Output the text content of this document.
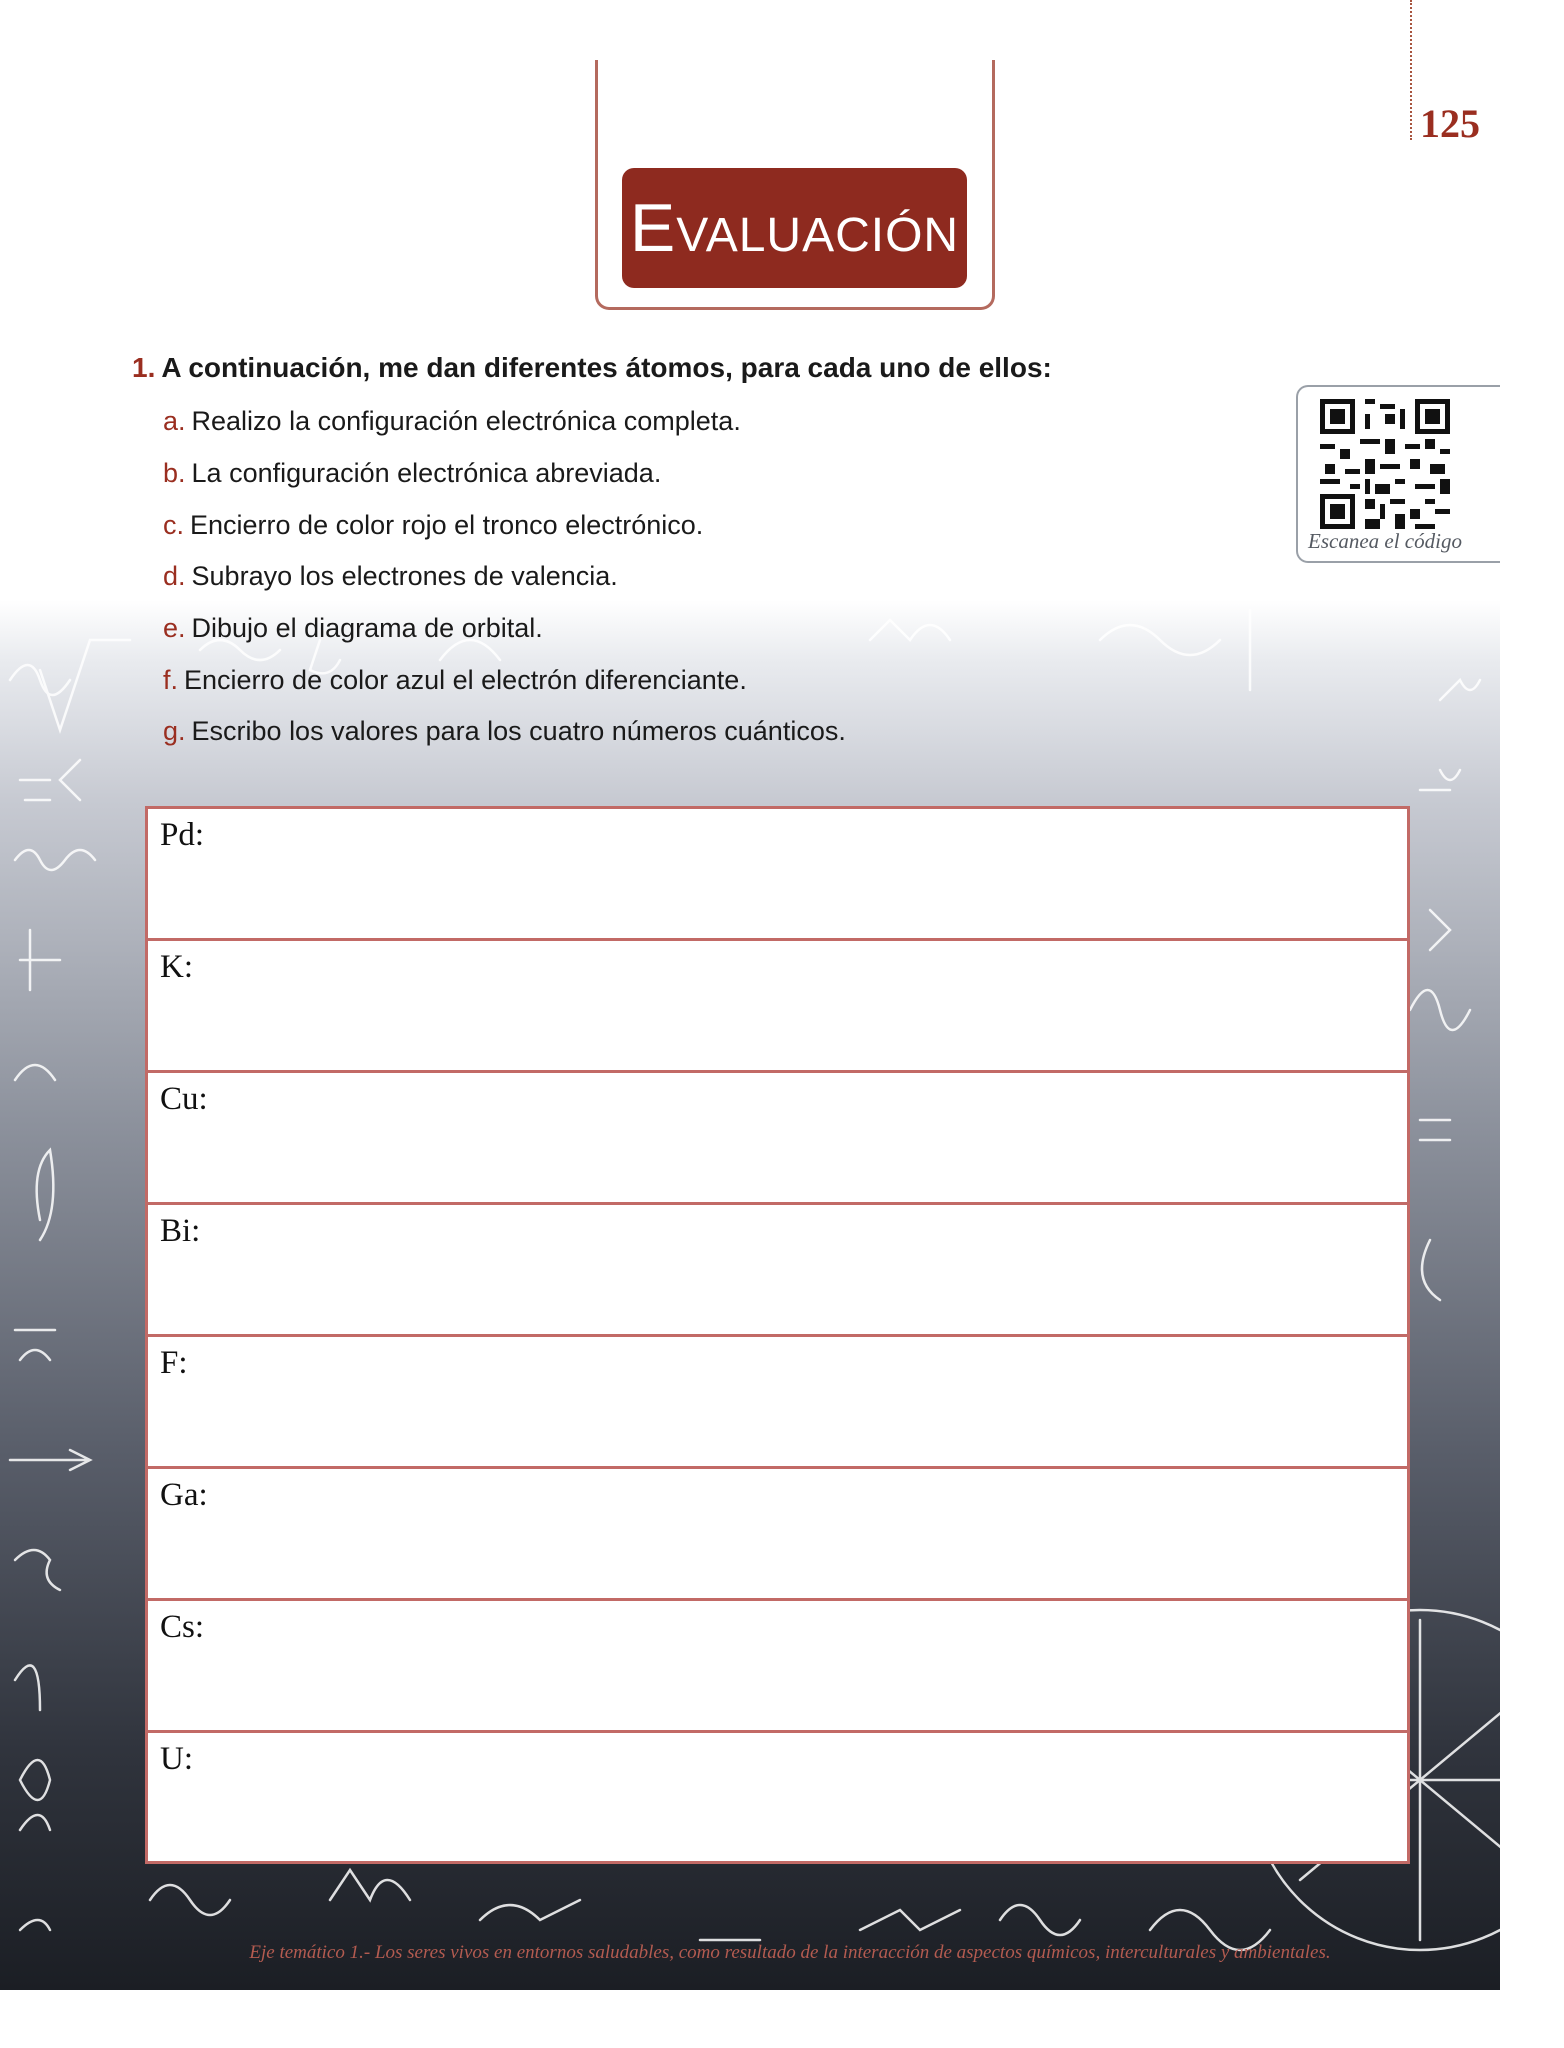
125
Evaluación
1. A continuación, me dan diferentes átomos, para cada uno de ellos:
a. Realizo la configuración electrónica completa.
b. La configuración electrónica abreviada.
c. Encierro de color rojo el tronco electrónico.
d. Subrayo los electrones de valencia.
e. Dibujo el diagrama de orbital.
f. Encierro de color azul el electrón diferenciante.
g. Escribo los valores para los cuatro números cuánticos.
Escanea el código
Pd:
K:
Cu:
Bi:
F:
Ga:
Cs:
U:
Eje temático 1.- Los seres vivos en entornos saludables, como resultado de la interacción de aspectos químicos, interculturales y ambientales.
